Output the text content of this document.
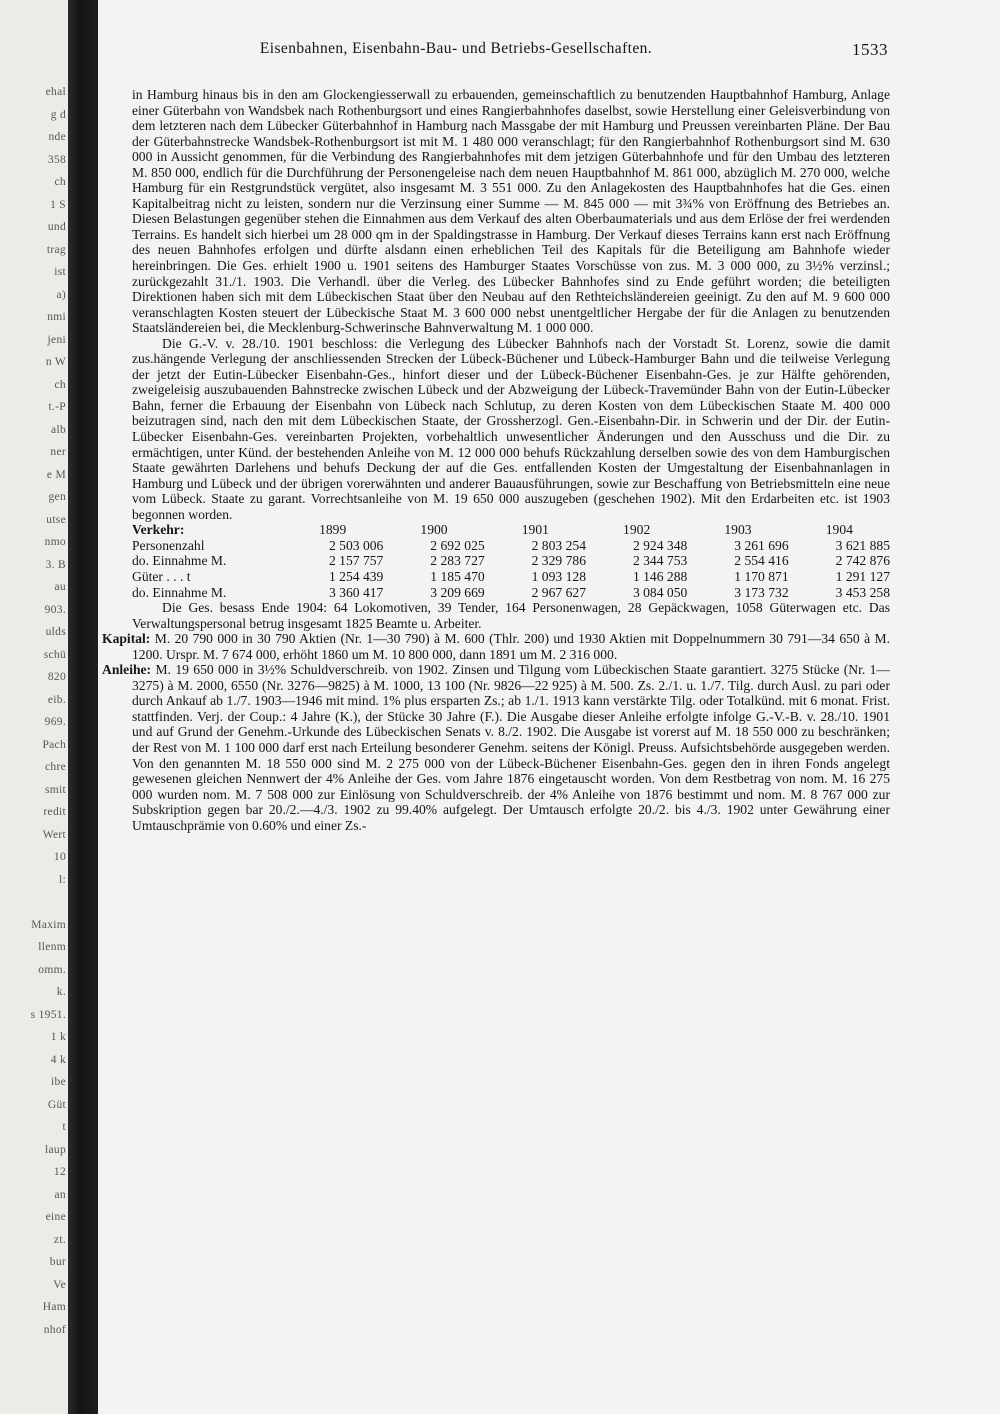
ehal
g d
nde
358
ch
1 S
und
trag
ist
a)
nmi
jeni
n W
ch
t.-P
alb
ner
e M
gen
utse
nmo
3. B
au
903.
ulds
schü
820
eib.
969.
Pach
chre
smit
redit
Wert
10
l:
Maxim
llenm
omm.
k.
s 1951.
1 k
4 k
ibe
Güt
t
laup
12
an
eine
zt.
bur
Ve
Ham
nhof
Eisenbahnen, Eisenbahn-Bau- und Betriebs-Gesellschaften.	1533

in Hamburg hinaus bis in den am Glockengiesserwall zu erbauenden, gemeinschaftlich zu benutzenden Hauptbahnhof Hamburg, Anlage einer Güterbahn von Wandsbek nach Rothenburgsort und eines Rangierbahnhofes daselbst, sowie Herstellung einer Geleisverbindung von dem letzteren nach dem Lübecker Güterbahnhof in Hamburg nach Massgabe der mit Hamburg und Preussen vereinbarten Pläne. Der Bau der Güterbahnstrecke Wandsbek-Rothenburgsort ist mit M. 1 480 000 veranschlagt; für den Rangierbahnhof Rothenburgsort sind M. 630 000 in Aussicht genommen, für die Verbindung des Rangierbahnhofes mit dem jetzigen Güterbahnhofe und für den Umbau des letzteren M. 850 000, endlich für die Durchführung der Personengeleise nach dem neuen Hauptbahnhof M. 861 000, abzüglich M. 270 000, welche Hamburg für ein Restgrundstück vergütet, also insgesamt M. 3 551 000. Zu den Anlagekosten des Hauptbahnhofes hat die Ges. einen Kapitalbeitrag nicht zu leisten, sondern nur die Verzinsung einer Summe — M. 845 000 — mit 3¾% von Eröffnung des Betriebes an. Diesen Belastungen gegenüber stehen die Einnahmen aus dem Verkauf des alten Oberbaumaterials und aus dem Erlöse der frei werdenden Terrains. Es handelt sich hierbei um 28 000 qm in der Spaldingstrasse in Hamburg. Der Verkauf dieses Terrains kann erst nach Eröffnung des neuen Bahnhofes erfolgen und dürfte alsdann einen erheblichen Teil des Kapitals für die Beteiligung am Bahnhofe wieder hereinbringen. Die Ges. erhielt 1900 u. 1901 seitens des Hamburger Staates Vorschüsse von zus. M. 3 000 000, zu 3½% verzinsl.; zurückgezahlt 31./1. 1903. Die Verhandl. über die Verleg. des Lübecker Bahnhofes sind zu Ende geführt worden; die beteiligten Direktionen haben sich mit dem Lübeckischen Staat über den Neubau auf den Rethteichsländereien geeinigt. Zu den auf M. 9 600 000 veranschlagten Kosten steuert der Lübeckische Staat M. 3 600 000 nebst unentgeltlicher Hergabe der für die Anlagen zu benutzenden Staatsländereien bei, die Mecklenburg-Schwerinsche Bahnverwaltung M. 1 000 000.

Die G.-V. v. 28./10. 1901 beschloss: die Verlegung des Lübecker Bahnhofs nach der Vorstadt St. Lorenz, sowie die damit zus.hängende Verlegung der anschliessenden Strecken der Lübeck-Büchener und Lübeck-Hamburger Bahn und die teilweise Verlegung der jetzt der Eutin-Lübecker Eisenbahn-Ges., hinfort dieser und der Lübeck-Büchener Eisenbahn-Ges. je zur Hälfte gehörenden, zweigeleisig auszubauenden Bahnstrecke zwischen Lübeck und der Abzweigung der Lübeck-Travemünder Bahn von der Eutin-Lübecker Bahn, ferner die Erbauung der Eisenbahn von Lübeck nach Schlutup, zu deren Kosten von dem Lübeckischen Staate M. 400 000 beizutragen sind, nach den mit dem Lübeckischen Staate, der Grossherzogl. Gen.-Eisenbahn-Dir. in Schwerin und der Dir. der Eutin-Lübecker Eisenbahn-Ges. vereinbarten Projekten, vorbehaltlich unwesentlicher Änderungen und den Ausschuss und die Dir. zu ermächtigen, unter Künd. der bestehenden Anleihe von M. 12 000 000 behufs Rückzahlung derselben sowie des von dem Hamburgischen Staate gewährten Darlehens und behufs Deckung der auf die Ges. entfallenden Kosten der Umgestaltung der Eisenbahnanlagen in Hamburg und Lübeck und der übrigen vorerwähnten und anderer Bauausführungen, sowie zur Beschaffung von Betriebsmitteln eine neue vom Lübeck. Staate zu garant. Vorrechtsanleihe von M. 19 650 000 auszugeben (geschehen 1902). Mit den Erdarbeiten etc. ist 1903 begonnen worden.

Verkehr:	1899	1900	1901	1902	1903	1904
Personenzahl	2 503 006	2 692 025	2 803 254	2 924 348	3 261 696	3 621 885
do. Einnahme M.	2 157 757	2 283 727	2 329 786	2 344 753	2 554 416	2 742 876
Güter . . . t	1 254 439	1 185 470	1 093 128	1 146 288	1 170 871	1 291 127
do. Einnahme M.	3 360 417	3 209 669	2 967 627	3 084 050	3 173 732	3 453 258

Die Ges. besass Ende 1904: 64 Lokomotiven, 39 Tender, 164 Personenwagen, 28 Gepäckwagen, 1058 Güterwagen etc. Das Verwaltungspersonal betrug insgesamt 1825 Beamte u. Arbeiter.

Kapital: M. 20 790 000 in 30 790 Aktien (Nr. 1—30 790) à M. 600 (Thlr. 200) und 1930 Aktien mit Doppelnummern 30 791—34 650 à M. 1200. Urspr. M. 7 674 000, erhöht 1860 um M. 10 800 000, dann 1891 um M. 2 316 000.

Anleihe: M. 19 650 000 in 3½% Schuldverschreib. von 1902. Zinsen und Tilgung vom Lübeckischen Staate garantiert. 3275 Stücke (Nr. 1—3275) à M. 2000, 6550 (Nr. 3276—9825) à M. 1000, 13 100 (Nr. 9826—22 925) à M. 500. Zs. 2./1. u. 1./7. Tilg. durch Ausl. zu pari oder durch Ankauf ab 1./7. 1903—1946 mit mind. 1% plus ersparten Zs.; ab 1./1. 1913 kann verstärkte Tilg. oder Totalkünd. mit 6 monat. Frist. stattfinden. Verj. der Coup.: 4 Jahre (K.), der Stücke 30 Jahre (F.). Die Ausgabe dieser Anleihe erfolgte infolge G.-V.-B. v. 28./10. 1901 und auf Grund der Genehm.-Urkunde des Lübeckischen Senats v. 8./2. 1902. Die Ausgabe ist vorerst auf M. 18 550 000 zu beschränken; der Rest von M. 1 100 000 darf erst nach Erteilung besonderer Genehm. seitens der Königl. Preuss. Aufsichtsbehörde ausgegeben werden. Von den genannten M. 18 550 000 sind M. 2 275 000 von der Lübeck-Büchener Eisenbahn-Ges. gegen den in ihren Fonds angelegt gewesenen gleichen Nennwert der 4% Anleihe der Ges. vom Jahre 1876 eingetauscht worden. Von dem Restbetrag von nom. M. 16 275 000 wurden nom. M. 7 508 000 zur Einlösung von Schuldverschreib. der 4% Anleihe von 1876 bestimmt und nom. M. 8 767 000 zur Subskription gegen bar 20./2.—4./3. 1902 zu 99.40% aufgelegt. Der Umtausch erfolgte 20./2. bis 4./3. 1902 unter Gewährung einer Umtauschprämie von 0.60% und einer Zs.-
